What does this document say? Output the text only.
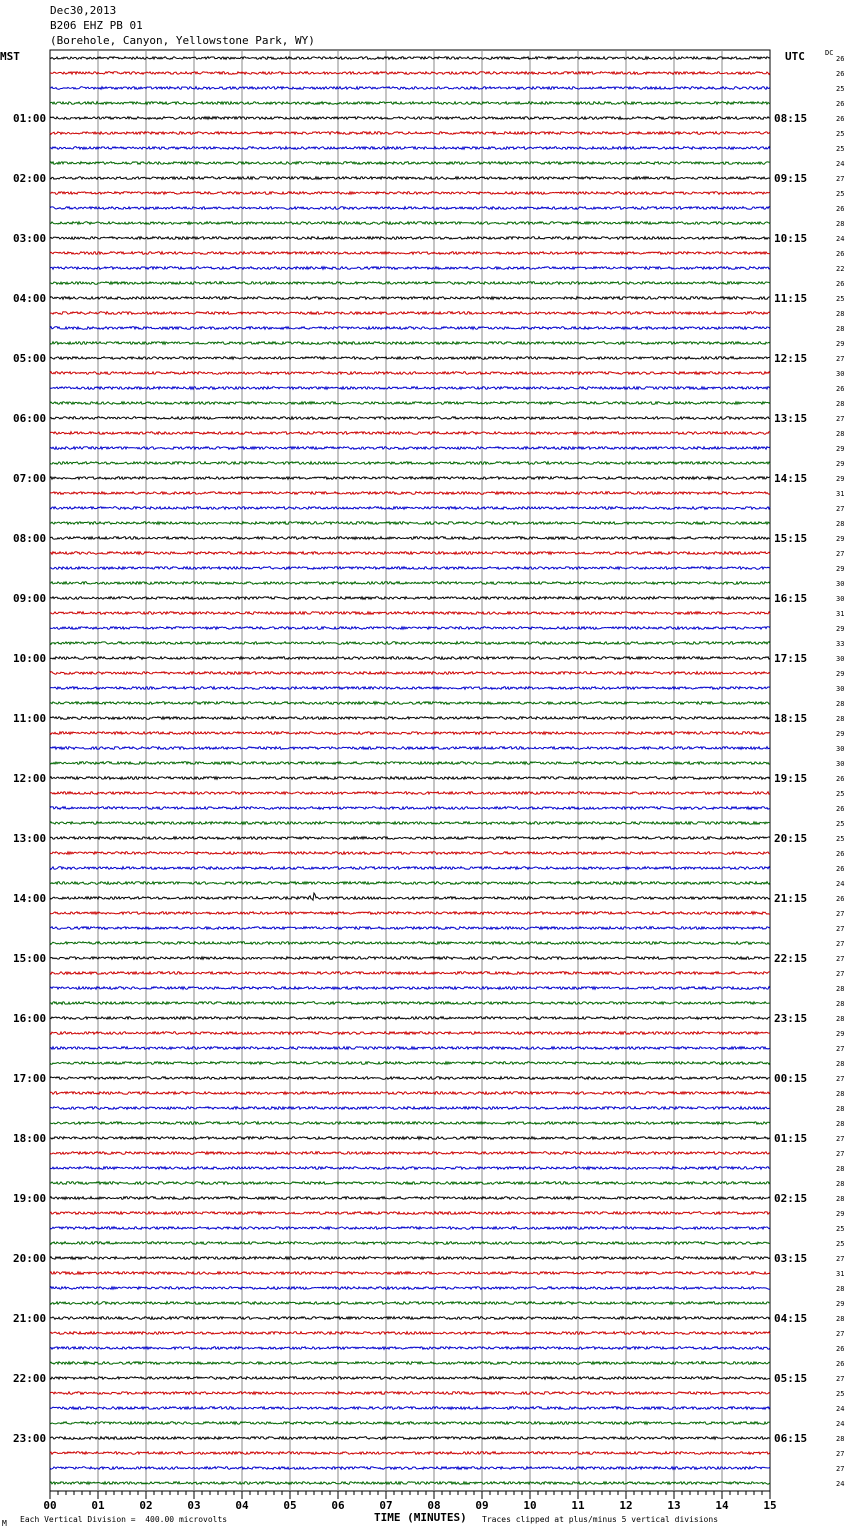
Dec30,2013
B206 EHZ PB 01
(Borehole, Canyon, Yellowstone Park, WY)
MST	UTC	DC
01:00
02:00
03:00
04:00
05:00
06:00
07:00
08:00
09:00
10:00
11:00
12:00
13:00
14:00
15:00
16:00
17:00
18:00
19:00
20:00
21:00
22:00
23:00
08:15
09:15
10:15
11:15
12:15
13:15
14:15
15:15
16:15
17:15
18:15
19:15
20:15
21:15
22:15
23:15
00:15
01:15
02:15
03:15
04:15
05:15
06:15
26
26
25
26
26
25
25
24
27
25
26
28
24
26
22
26
25
28
28
29
27
30
26
28
27
28
29
29
29
31
27
28
29
27
29
30
30
31
29
33
30
29
30
28
28
29
30
30
26
25
26
25
25
26
26
24
26
27
27
27
27
27
28
28
28
29
27
28
27
28
28
28
27
27
28
28
28
29
25
25
27
31
28
29
28
27
26
26
27
25
24
24
28
27
27
24
00	01	02	03	04	05	06	07	08	09	10	11	12	13	14	15
M Each Vertical Division =  400.00 microvolts	TIME (MINUTES) Traces clipped at plus/minus 5 vertical divisions
